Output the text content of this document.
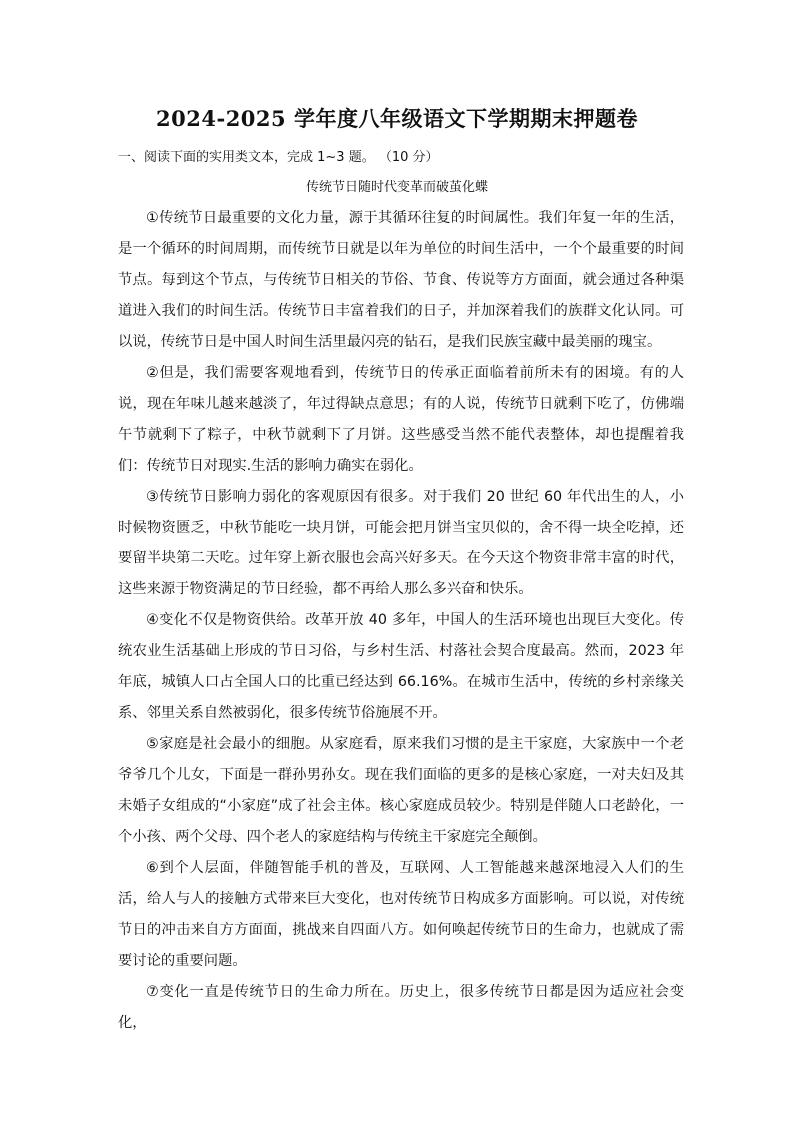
2024-2025 学年度八年级语文下学期期末押题卷
一、阅读下面的实用类文本，完成 1~3 题。 （10 分）
传统节日随时代变革而破茧化蝶

①传统节日最重要的文化力量，源于其循环往复的时间属性。我们年复一年的生活，是一个循环的时间周期，而传统节日就是以年为单位的时间生活中，一个个最重要的时间节点。每到这个节点，与传统节日相关的节俗、节食、传说等方方面面，就会通过各种渠道进入我们的时间生活。传统节日丰富着我们的日子，并加深着我们的族群文化认同。可以说，传统节日是中国人时间生活里最闪亮的钻石，是我们民族宝藏中最美丽的瑰宝。

②但是，我们需要客观地看到，传统节日的传承正面临着前所未有的困境。有的人说，现在年味儿越来越淡了，年过得缺点意思；有的人说，传统节日就剩下吃了，仿佛端午节就剩下了粽子，中秋节就剩下了月饼。这些感受当然不能代表整体，却也提醒着我们：传统节日对现实.生活的影响力确实在弱化。

③传统节日影响力弱化的客观原因有很多。对于我们 20 世纪 60 年代出生的人，小时候物资匮乏，中秋节能吃一块月饼，可能会把月饼当宝贝似的，舍不得一块全吃掉，还要留半块第二天吃。过年穿上新衣服也会高兴好多天。在今天这个物资非常丰富的时代，这些来源于物资满足的节日经验，都不再给人那么多兴奋和快乐。

④变化不仅是物资供给。改革开放 40 多年，中国人的生活环境也出现巨大变化。传统农业生活基础上形成的节日习俗，与乡村生活、村落社会契合度最高。然而，2023 年年底，城镇人口占全国人口的比重已经达到 66.16%。在城市生活中，传统的乡村亲缘关系、邻里关系自然被弱化，很多传统节俗施展不开。

⑤家庭是社会最小的细胞。从家庭看，原来我们习惯的是主干家庭，大家族中一个老爷爷几个儿女，下面是一群孙男孙女。现在我们面临的更多的是核心家庭，一对夫妇及其未婚子女组成的“小家庭”成了社会主体。核心家庭成员较少。特别是伴随人口老龄化，一个小孩、两个父母、四个老人的家庭结构与传统主干家庭完全颠倒。

⑥到个人层面，伴随智能手机的普及，互联网、人工智能越来越深地浸入人们的生活，给人与人的接触方式带来巨大变化，也对传统节日构成多方面影响。可以说，对传统节日的冲击来自方方面面，挑战来自四面八方。如何唤起传统节日的生命力，也就成了需要讨论的重要问题。

⑦变化一直是传统节日的生命力所在。历史上，很多传统节日都是因为适应社会变化，
